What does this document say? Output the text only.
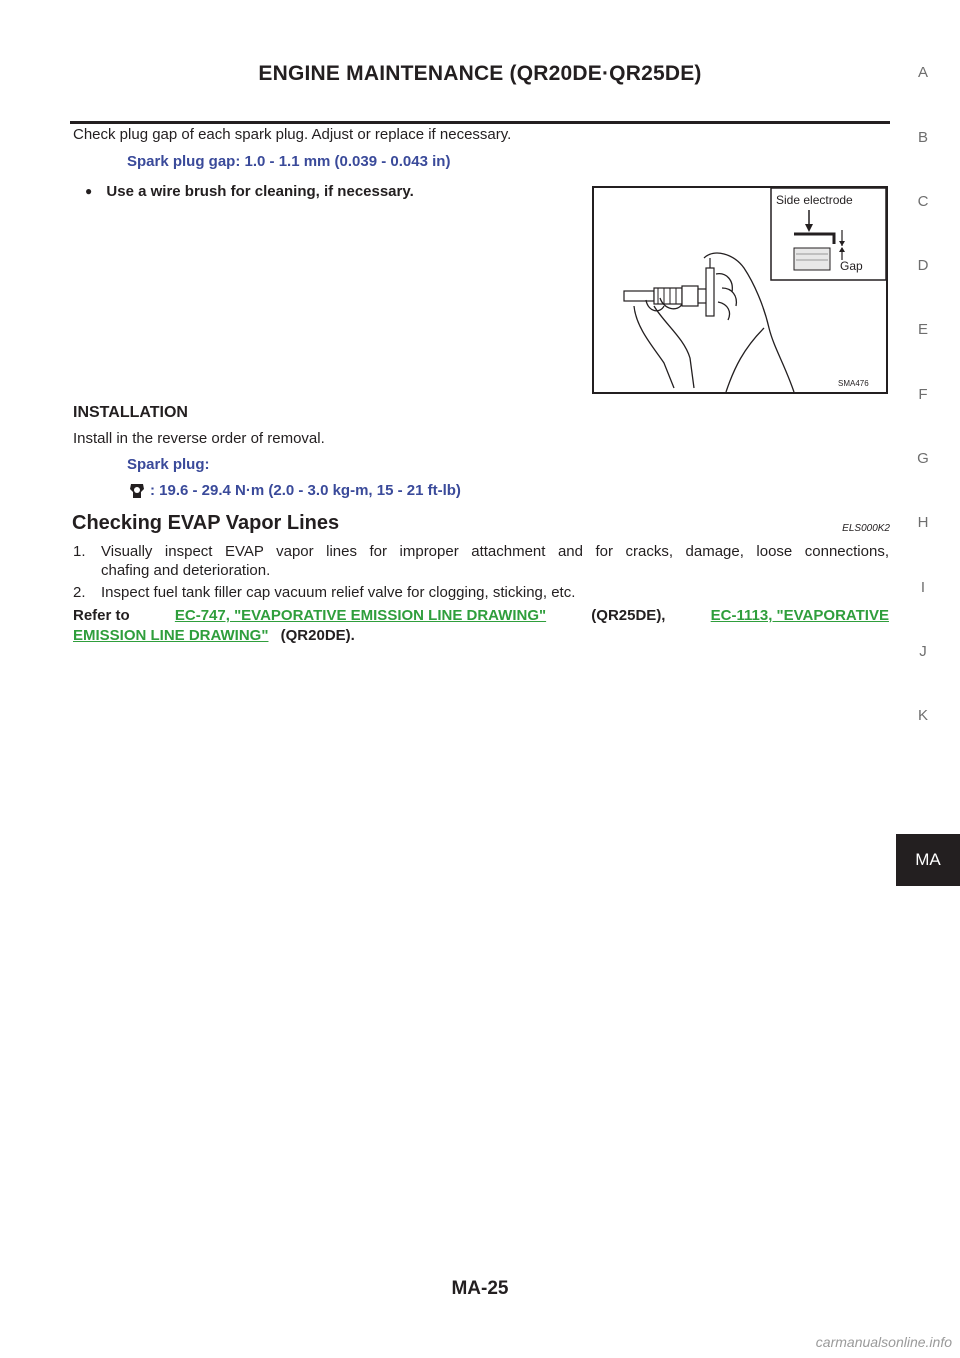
ENGINE MAINTENANCE (QR20DE·QR25DE)
Check plug gap of each spark plug. Adjust or replace if necessary.
Spark plug gap: 1.0 - 1.1 mm (0.039 - 0.043 in)
● Use a wire brush for cleaning, if necessary.	Side electrode
Gap
SMA476
INSTALLATION
Install in the reverse order of removal.
Spark plug:
: 19.6 - 29.4 N·m (2.0 - 3.0 kg-m, 15 - 21 ft-lb)
Checking EVAP Vapor Lines	ELS000K2
1. Visually inspect EVAP vapor lines for improper attachment and for cracks, damage, loose connections,
chafing and deterioration.
2. Inspect fuel tank filler cap vacuum relief valve for clogging, sticking, etc.
Refer to	EC-747, "EVAPORATIVE EMISSION LINE DRAWING"	(QR25DE),	EC-1113, "EVAPORATIVE
EMISSION LINE DRAWING" (QR20DE).
A
B
C
D
E
F
G
H
I
J
K
MA
MA-25
carmanualsonline.info
